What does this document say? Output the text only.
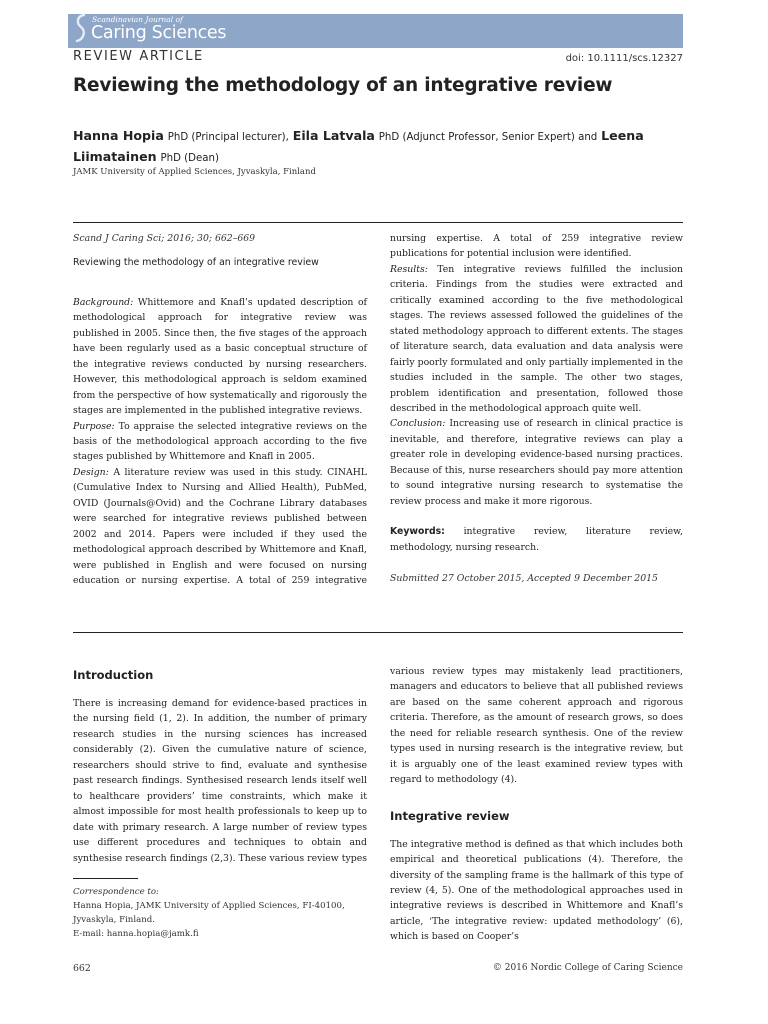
Scandinavian Journal of
Caring Sciences
REVIEW ARTICLE	doi: 10.1111/scs.12327
Reviewing the methodology of an integrative review
Hanna Hopia PhD (Principal lecturer), Eila Latvala PhD (Adjunct Professor, Senior Expert) and Leena
Liimatainen PhD (Dean)
JAMK University of Applied Sciences, Jyvaskyla, Finland

Scand J Caring Sci; 2016; 30; 662–669

Reviewing the methodology of an integrative review

Background: Whittemore and Knafl’s updated description of methodological approach for integrative review was published in 2005. Since then, the five stages of the approach have been regularly used as a basic conceptual structure of the integrative reviews conducted by nursing researchers. However, this methodological approach is seldom examined from the perspective of how systematically and rigorously the stages are implemented in the published integrative reviews.

Purpose: To appraise the selected integrative reviews on the basis of the methodological approach according to the five stages published by Whittemore and Knafl in 2005.

Design: A literature review was used in this study. CINAHL (Cumulative Index to Nursing and Allied Health), PubMed, OVID (Journals@Ovid) and the Cochrane Library databases were searched for integrative reviews published between 2002 and 2014. Papers were included if they used the methodological approach described by Whittemore and Knafl, were published in English and were focused on nursing education or nursing expertise. A total of 259 integrative

nursing expertise. A total of 259 integrative review publications for potential inclusion were identified.

Results: Ten integrative reviews fulfilled the inclusion criteria. Findings from the studies were extracted and critically examined according to the five methodological stages. The reviews assessed followed the guidelines of the stated methodology approach to different extents. The stages of literature search, data evaluation and data analysis were fairly poorly formulated and only partially implemented in the studies included in the sample. The other two stages, problem identification and presentation, followed those described in the methodological approach quite well.

Conclusion: Increasing use of research in clinical practice is inevitable, and therefore, integrative reviews can play a greater role in developing evidence-based nursing practices. Because of this, nurse researchers should pay more attention to sound integrative nursing research to systematise the review process and make it more rigorous.

Keywords: integrative review, literature review, methodology, nursing research.

Submitted 27 October 2015, Accepted 9 December 2015

Introduction

There is increasing demand for evidence-based practices in the nursing field (1, 2). In addition, the number of primary research studies in the nursing sciences has increased considerably (2). Given the cumulative nature of science, researchers should strive to find, evaluate and synthesise past research findings. Synthesised research lends itself well to healthcare providers’ time constraints, which make it almost impossible for most health professionals to keep up to date with primary research. A large number of review types use different procedures and techniques to obtain and synthesise research findings (2,3). These various review types

various review types may mistakenly lead practitioners, managers and educators to believe that all published reviews are based on the same coherent approach and rigorous criteria. Therefore, as the amount of research grows, so does the need for reliable research synthesis. One of the review types used in nursing research is the integrative review, but it is arguably one of the least examined review types with regard to methodology (4).

Integrative review

The integrative method is defined as that which includes both empirical and theoretical publications (4). Therefore, the diversity of the sampling frame is the hallmark of this type of review (4, 5). One of the methodological approaches used in integrative reviews is described in Whittemore and Knafl’s article, ‘The integrative review: updated methodology’ (6), which is based on Cooper’s

Correspondence to:
Hanna Hopia, JAMK University of Applied Sciences, FI-40100,
Jyvaskyla, Finland.
E-mail: hanna.hopia@jamk.fi
662	© 2016 Nordic College of Caring Science
